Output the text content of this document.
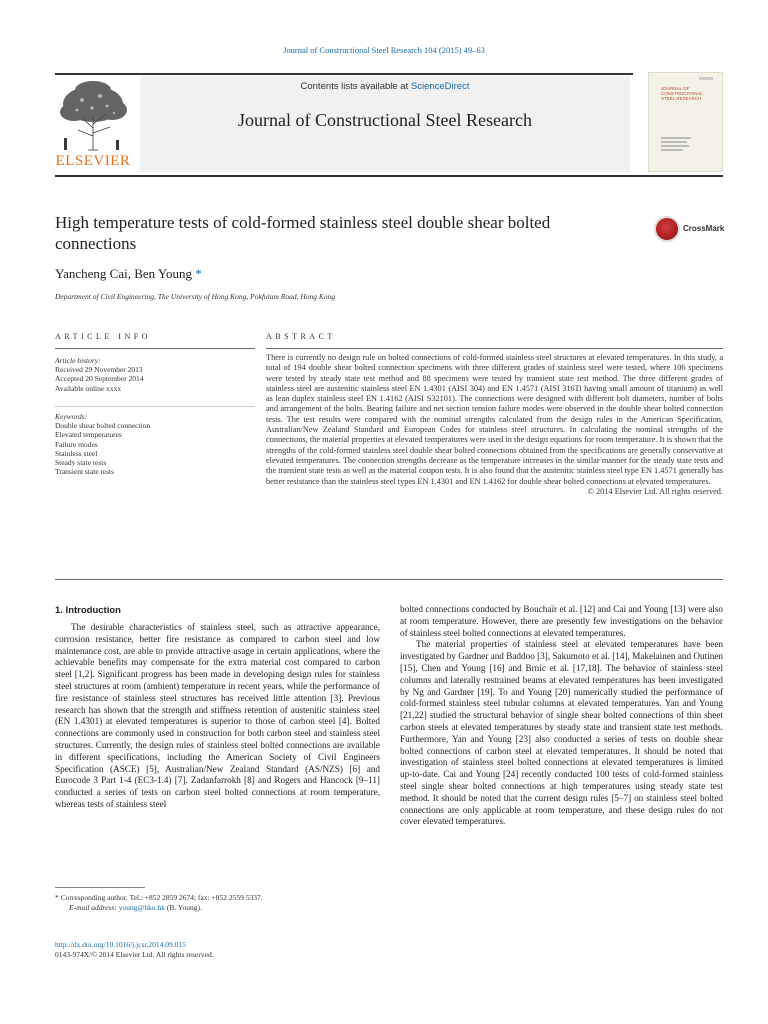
Journal of Constructional Steel Research 104 (2015) 49–63
ELSEVIER
Contents lists available at ScienceDirect
Journal of Constructional Steel Research
JOURNAL OF CONSTRUCTIONAL STEEL RESEARCH
High temperature tests of cold-formed stainless steel double shear bolted connections
CrossMark
Yancheng Cai, Ben Young *
Department of Civil Engineering, The University of Hong Kong, Pokfulam Road, Hong Kong
ARTICLE INFO	ABSTRACT
Article history:
Received 29 November 2013
Accepted 20 September 2014
Available online xxxx
Keywords:
Double shear bolted connection
Elevated temperatures
Failure modes
Stainless steel
Steady state tests
Transient state tests
There is currently no design rule on bolted connections of cold-formed stainless steel structures at elevated temperatures. In this study, a total of 194 double shear bolted connection specimens with three different grades of stainless steel were tested, where 106 specimens were tested by steady state test method and 88 specimens were tested by transient state test method. The three different grades of stainless steel are austenitic stainless steel EN 1.4301 (AISI 304) and EN 1.4571 (AISI 316Ti having small amount of titanium) as well as lean duplex stainless steel EN 1.4162 (AISI S32101). The connections were designed with different bolt diameters, number of bolts and arrangement of the bolts. Bearing failure and net section tension failure modes were observed in the double shear bolted connection tests. The test results were compared with the nominal strengths calculated from the design rules in the American Specification, Australian/New Zealand Standard and European Codes for stainless steel structures. In calculating the nominal strengths of the connections, the material properties at elevated temperatures were used in the design equations for room temperature. It is shown that the strengths of the cold-formed stainless steel double shear bolted connections obtained from the specifications are generally conservative at elevated temperatures. The connection strengths decrease as the temperature increases in the similar manner for the steady state tests and the transient state tests as well as the material coupon tests. It is also found that the austenitic stainless steel type EN 1.4571 generally has better resistance than the stainless steel types EN 1.4301 and EN 1.4162 for double shear bolted connections at elevated temperatures.
© 2014 Elsevier Ltd. All rights reserved.
1. Introduction

The desirable characteristics of stainless steel, such as attractive appearance, corrosion resistance, better fire resistance as compared to carbon steel and low maintenance cost, are able to provide attractive usage in certain applications, where the achievable benefits may compensate for the extra material cost compared to carbon steel [1,2]. Significant progress has been made in developing design rules for stainless steel structures at room (ambient) temperature in recent years, while the performance of fire resistance of stainless steel structures has received little attention [3]. Previous research has shown that the strength and stiffness retention of austenitic stainless steel (EN 1.4301) at elevated temperatures is superior to those of carbon steel [4]. Bolted connections are commonly used in construction for both carbon steel and stainless steel structures. Currently, the design rules of stainless steel bolted connections are available in different specifications, including the American Society of Civil Engineers Specification (ASCE) [5], Australian/New Zealand Standard (AS/NZS) [6] and Eurocode 3 Part 1-4 (EC3-1.4) [7]. Zadanfarrokh [8] and Rogers and Hancock [9–11] conducted a series of tests on carbon steel bolted connections at room temperature, whereas tests of stainless steel

bolted connections conducted by Bouchaïr et al. [12] and Cai and Young [13] were also at room temperature. However, there are presently few investigations on the behavior of stainless steel bolted connections at elevated temperatures.

The material properties of stainless steel at elevated temperatures have been investigated by Gardner and Baddoo [3], Sakumoto et al. [14], Makelainen and Outinen [15], Chen and Young [16] and Brnic et al. [17,18]. The behavior of stainless steel columns and laterally restrained beams at elevated temperatures has been investigated by Ng and Gardner [19]. To and Young [20] numerically studied the performance of cold-formed stainless steel tubular columns at elevated temperatures. Yan and Young [21,22] studied the structural behavior of single shear bolted connections of thin sheet carbon steels at elevated temperatures by steady state and transient state test methods. Furthermore, Yan and Young [23] also conducted a series of tests on double shear bolted connections of carbon steel at elevated temperatures. It should be noted that investigation of stainless steel bolted connections at elevated temperatures is limited up-to-date. Cai and Young [24] recently conducted 100 tests of cold-formed stainless steel single shear bolted connections at high temperatures using steady state test method. It should be noted that the current design rules [5–7] on stainless steel bolted connections are only applicable at room temperature, and these design rules do not cover elevated temperatures.

* Corresponding author. Tel.: +852 2859 2674; fax: +852 2559 5337.
E-mail address: young@hku.hk (B. Young).
http://dx.doi.org/10.1016/j.jcsr.2014.09.015
0143-974X/© 2014 Elsevier Ltd. All rights reserved.
